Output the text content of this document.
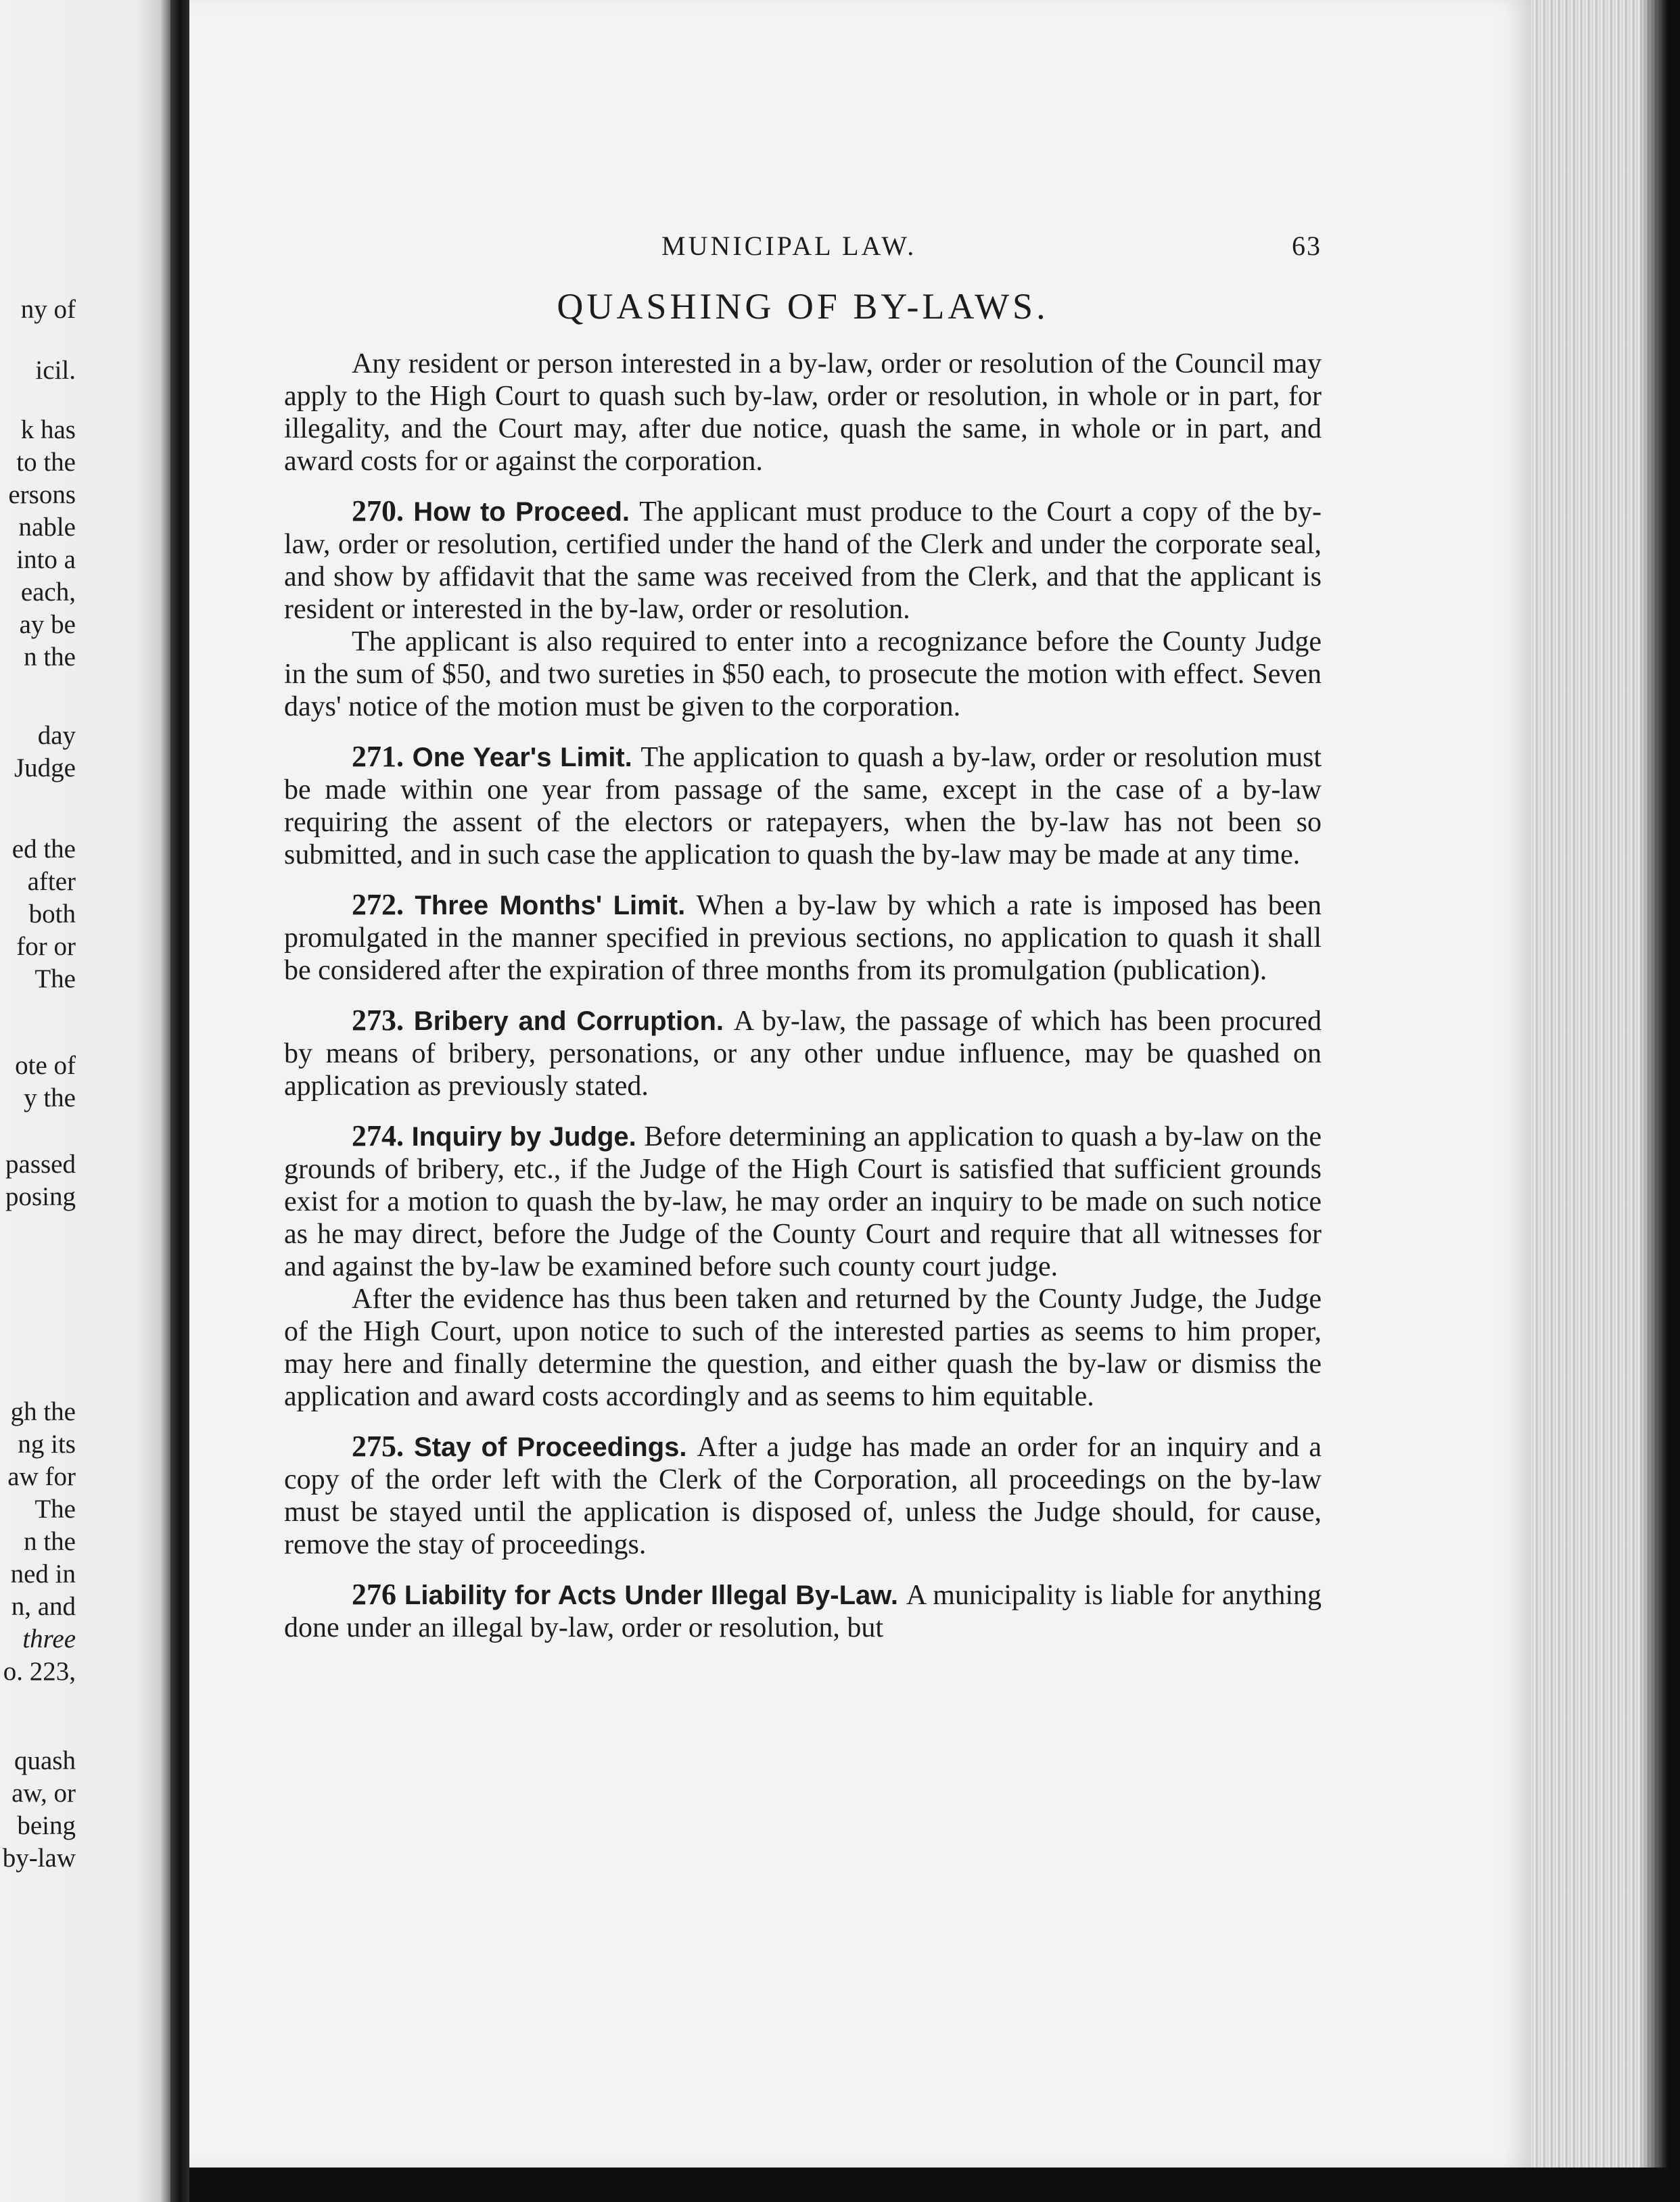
ny of
icil.
k has
to the
ersons
nable
into a
each,
ay be
n the
day
Judge
ed the
after
both
for or
The
ote of
y the
passed
posing
gh the
ng its
aw for
The
n the
ned in
n, and
three
o. 223,
quash
aw, or
being
by-law
MUNICIPAL LAW.	63
QUASHING OF BY-LAWS.

Any resident or person interested in a by-law, order or resolution of the Council may apply to the High Court to quash such by-law, order or resolution, in whole or in part, for illegality, and the Court may, after due notice, quash the same, in whole or in part, and award costs for or against the corporation.

270. How to Proceed. The applicant must produce to the Court a copy of the by-law, order or resolution, certified under the hand of the Clerk and under the corporate seal, and show by affidavit that the same was received from the Clerk, and that the applicant is resident or interested in the by-law, order or resolution.

The applicant is also required to enter into a recognizance before the County Judge in the sum of $50, and two sureties in $50 each, to prosecute the motion with effect. Seven days' notice of the motion must be given to the corporation.

271. One Year's Limit. The application to quash a by-law, order or resolution must be made within one year from passage of the same, except in the case of a by-law requiring the assent of the electors or ratepayers, when the by-law has not been so submitted, and in such case the application to quash the by-law may be made at any time.

272. Three Months' Limit. When a by-law by which a rate is imposed has been promulgated in the manner specified in previous sections, no application to quash it shall be considered after the expiration of three months from its promulgation (publication).

273. Bribery and Corruption. A by-law, the passage of which has been procured by means of bribery, personations, or any other undue influence, may be quashed on application as previously stated.

274. Inquiry by Judge. Before determining an application to quash a by-law on the grounds of bribery, etc., if the Judge of the High Court is satisfied that sufficient grounds exist for a motion to quash the by-law, he may order an inquiry to be made on such notice as he may direct, before the Judge of the County Court and require that all witnesses for and against the by-law be examined before such county court judge.

After the evidence has thus been taken and returned by the County Judge, the Judge of the High Court, upon notice to such of the interested parties as seems to him proper, may here and finally determine the question, and either quash the by-law or dismiss the application and award costs accordingly and as seems to him equitable.

275. Stay of Proceedings. After a judge has made an order for an inquiry and a copy of the order left with the Clerk of the Corporation, all proceedings on the by-law must be stayed until the application is disposed of, unless the Judge should, for cause, remove the stay of proceedings.

276 Liability for Acts Under Illegal By-Law. A municipality is liable for anything done under an illegal by-law, order or resolution, but
